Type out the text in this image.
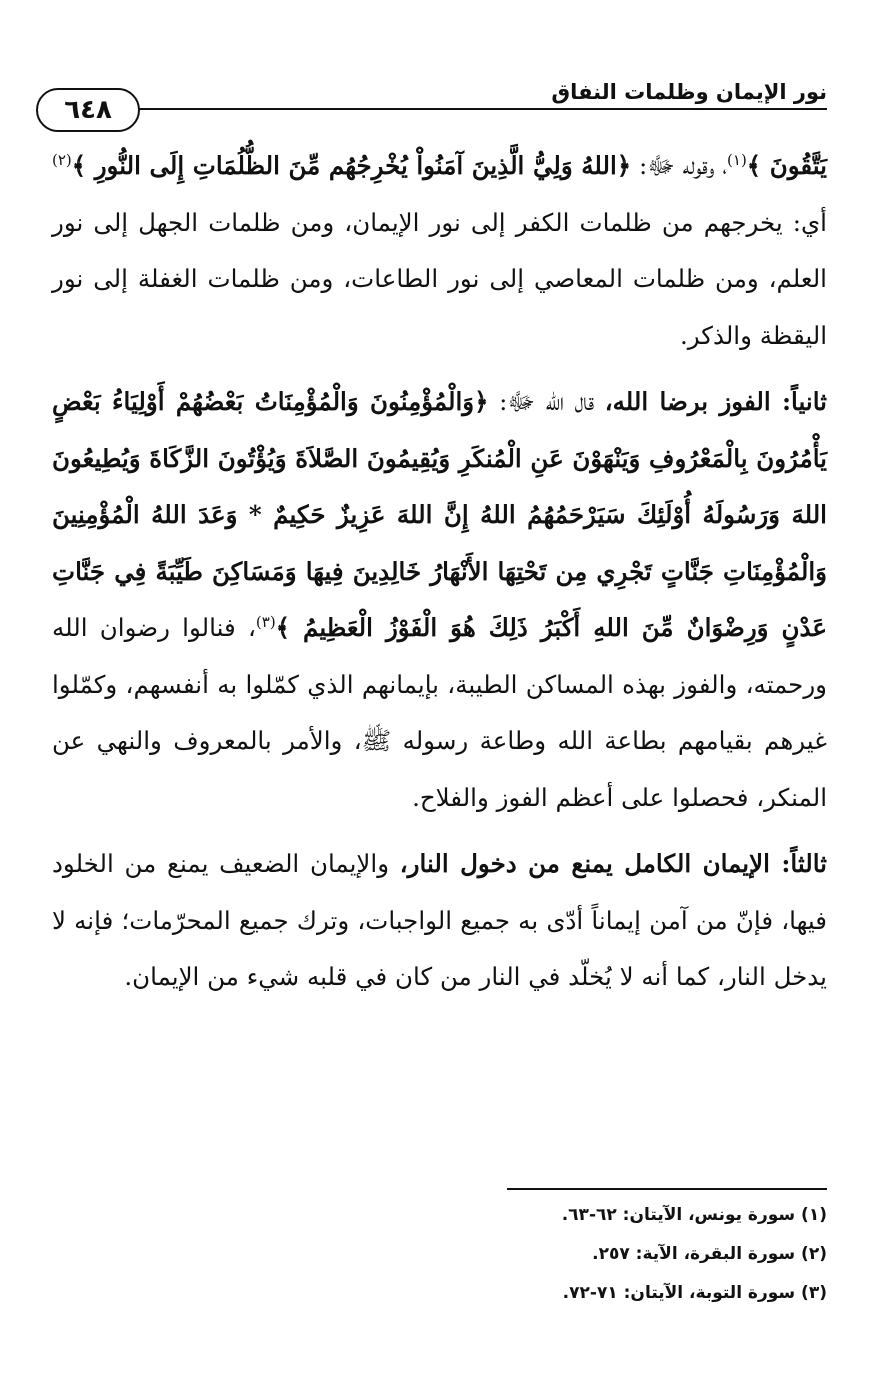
نور الإيمان وظلمات النفاق
٦٤٨

يَتَّقُونَ ﴾$^{(١)}$، وقوله ﷻ: ﴿اللهُ وَلِيُّ الَّذِينَ آمَنُواْ يُخْرِجُهُم مِّنَ الظُّلُمَاتِ إِلَى النُّورِ ﴾$^{(٢)}$ أي: يخرجهم من ظلمات الكفر إلى نور الإيمان، ومن ظلمات الجهل إلى نور العلم، ومن ظلمات المعاصي إلى نور الطاعات، ومن ظلمات الغفلة إلى نور اليقظة والذكر.

ثانياً: الفوز برضا الله، قال الله ﷻ: ﴿وَالْمُؤْمِنُونَ وَالْمُؤْمِنَاتُ بَعْضُهُمْ أَوْلِيَاءُ بَعْضٍ يَأْمُرُونَ بِالْمَعْرُوفِ وَيَنْهَوْنَ عَنِ الْمُنكَرِ وَيُقِيمُونَ الصَّلاَةَ وَيُؤْتُونَ الزَّكَاةَ وَيُطِيعُونَ اللهَ وَرَسُولَهُ أُوْلَئِكَ سَيَرْحَمُهُمُ اللهُ إِنَّ اللهَ عَزِيزٌ حَكِيمٌ * وَعَدَ اللهُ الْمُؤْمِنِينَ وَالْمُؤْمِنَاتِ جَنَّاتٍ تَجْرِي مِن تَحْتِهَا الأَنْهَارُ خَالِدِينَ فِيهَا وَمَسَاكِنَ طَيِّبَةً فِي جَنَّاتِ عَدْنٍ وَرِضْوَانٌ مِّنَ اللهِ أَكْبَرُ ذَلِكَ هُوَ الْفَوْزُ الْعَظِيمُ ﴾$^{(٣)}$، فنالوا رضوان الله ورحمته، والفوز بهذه المساكن الطيبة، بإيمانهم الذي كمّلوا به أنفسهم، وكمّلوا غيرهم بقيامهم بطاعة الله وطاعة رسوله ﷺ، والأمر بالمعروف والنهي عن المنكر، فحصلوا على أعظم الفوز والفلاح.

ثالثاً: الإيمان الكامل يمنع من دخول النار، والإيمان الضعيف يمنع من الخلود فيها، فإنّ من آمن إيماناً أدّى به جميع الواجبات، وترك جميع المحرّمات؛ فإنه لا يدخل النار، كما أنه لا يُخلّد في النار من كان في قلبه شيء من الإيمان.

(١) سورة يونس، الآيتان: ٦٢-٦٣.

(٢) سورة البقرة، الآية: ٢٥٧.

(٣) سورة التوبة، الآيتان: ٧١-٧٢.
